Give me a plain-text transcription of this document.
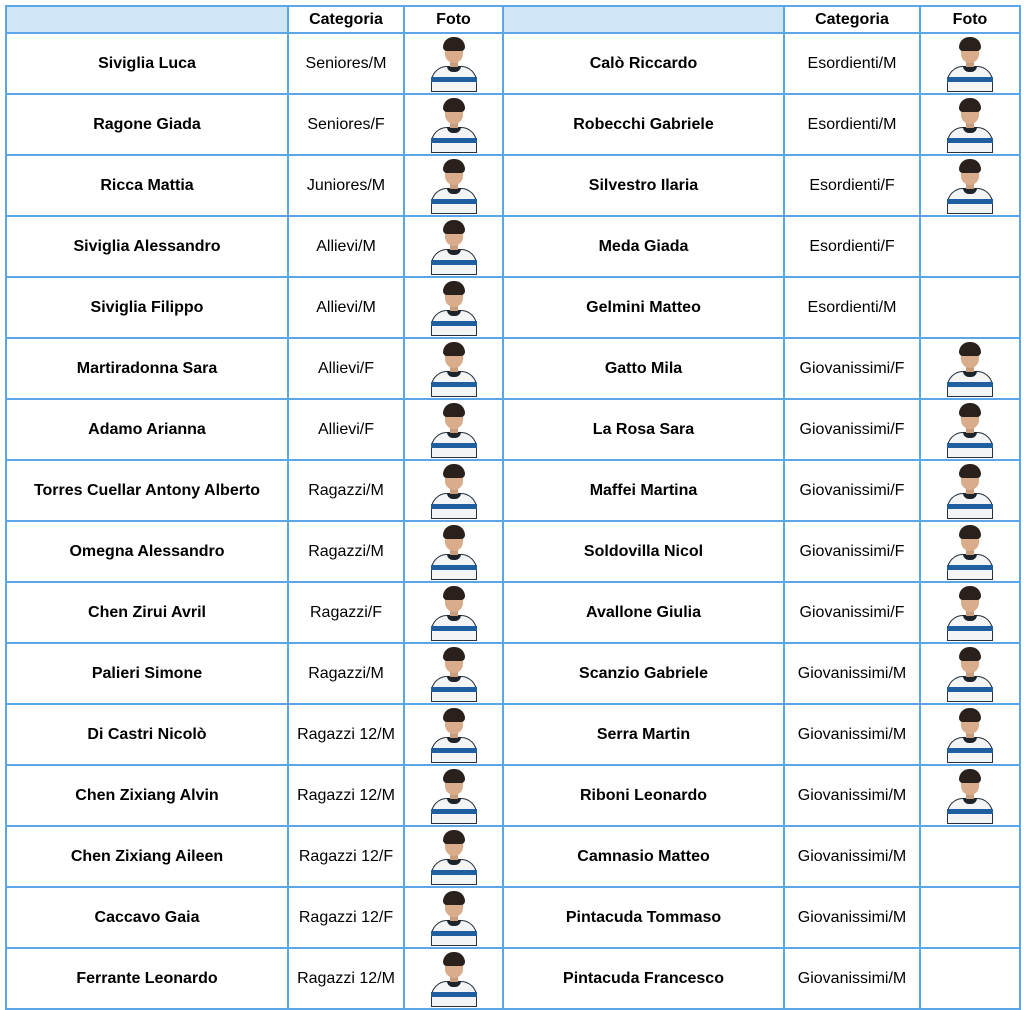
	Categoria	Foto		Categoria	Foto
Siviglia Luca	Seniores/M		Calò Riccardo	Esordienti/M	

Ragone Giada	Seniores/F		Robecchi Gabriele	Esordienti/M	

Ricca Mattia	Juniores/M		Silvestro Ilaria	Esordienti/F	

Siviglia Alessandro	Allievi/M		Meda Giada	Esordienti/F	
Siviglia Filippo	Allievi/M		Gelmini Matteo	Esordienti/M	
Martiradonna Sara	Allievi/F		Gatto Mila	Giovanissimi/F	

Adamo Arianna	Allievi/F		La Rosa Sara	Giovanissimi/F	

Torres Cuellar Antony Alberto	Ragazzi/M		Maffei Martina	Giovanissimi/F	

Omegna Alessandro	Ragazzi/M		Soldovilla Nicol	Giovanissimi/F	

Chen Zirui Avril	Ragazzi/F		Avallone Giulia	Giovanissimi/F	

Palieri Simone	Ragazzi/M		Scanzio Gabriele	Giovanissimi/M	

Di Castri Nicolò	Ragazzi 12/M		Serra Martin	Giovanissimi/M	

Chen Zixiang Alvin	Ragazzi 12/M		Riboni Leonardo	Giovanissimi/M	

Chen Zixiang Aileen	Ragazzi 12/F		Camnasio Matteo	Giovanissimi/M	
Caccavo Gaia	Ragazzi 12/F		Pintacuda Tommaso	Giovanissimi/M	
Ferrante Leonardo	Ragazzi 12/M		Pintacuda Francesco	Giovanissimi/M	
